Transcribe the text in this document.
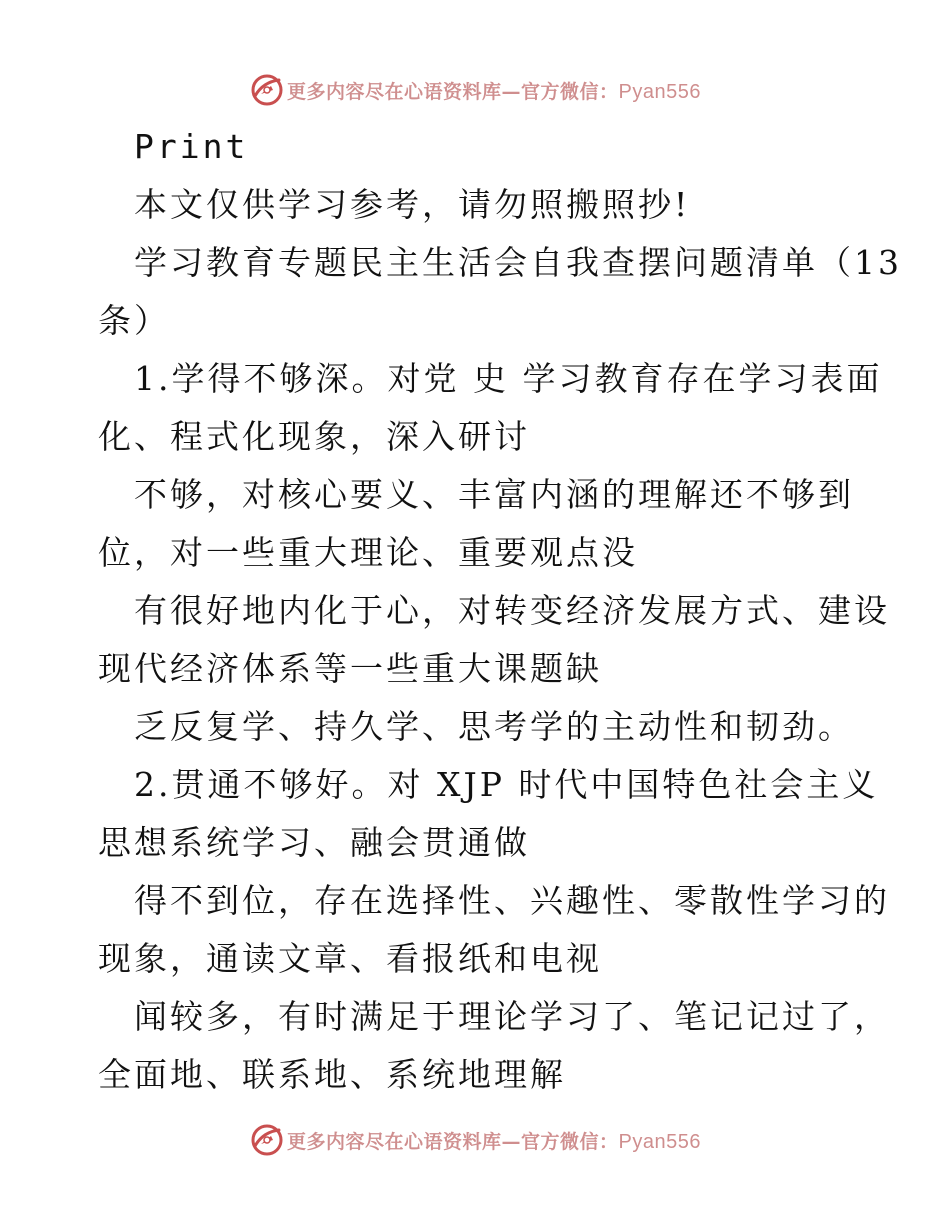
更多内容尽在心语资料库—官方微信：Pyan556
Print
本文仅供学习参考，请勿照搬照抄!
学习教育专题民主生活会自我查摆问题清单（13
条）
1.学得不够深。对党 史 学习教育存在学习表面
化、程式化现象，深入研讨
不够，对核心要义、丰富内涵的理解还不够到
位，对一些重大理论、重要观点没
有很好地内化于心，对转变经济发展方式、建设
现代经济体系等一些重大课题缺
乏反复学、持久学、思考学的主动性和韧劲。
2.贯通不够好。对 XJP 时代中国特色社会主义
思想系统学习、融会贯通做
得不到位，存在选择性、兴趣性、零散性学习的
现象，通读文章、看报纸和电视
闻较多，有时满足于理论学习了、笔记记过了，
全面地、联系地、系统地理解
更多内容尽在心语资料库—官方微信：Pyan556
